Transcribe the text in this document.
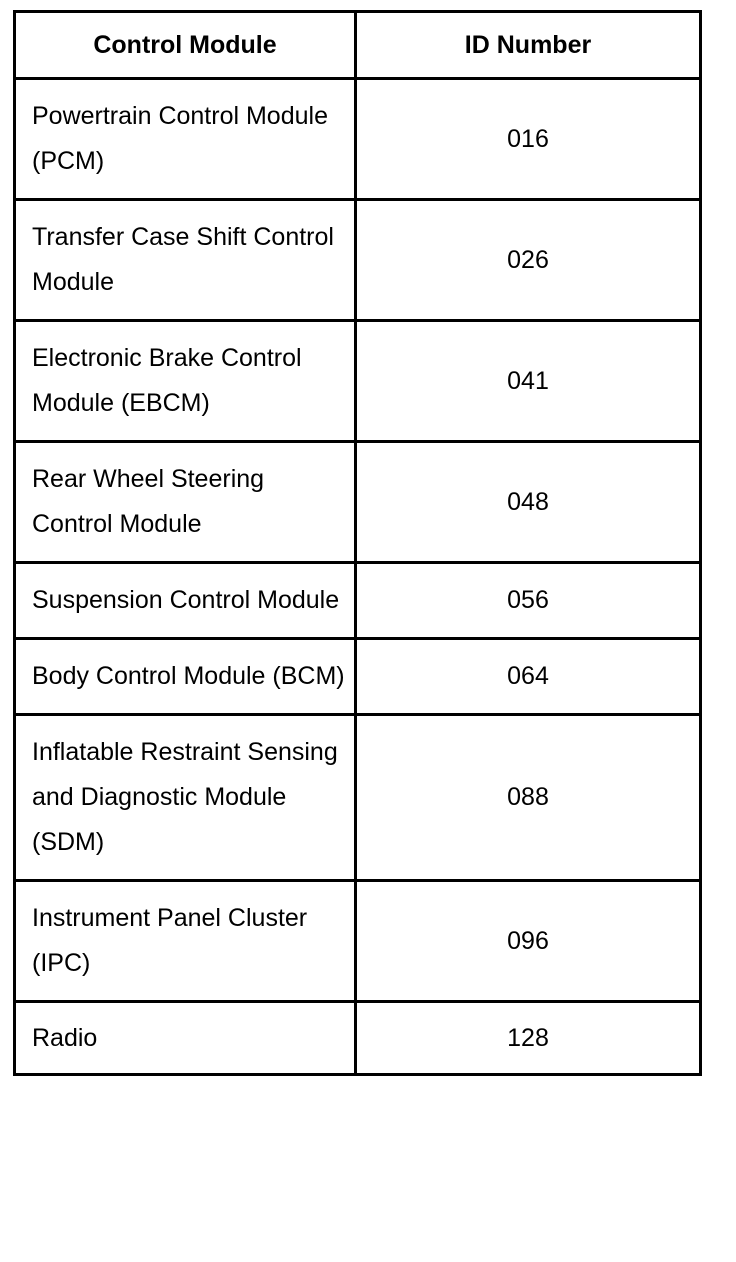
Control Module	ID Number
Powertrain Control Module (PCM)	016
Transfer Case Shift Control Module	026
Electronic Brake Control Module (EBCM)	041
Rear Wheel Steering Control Module	048
Suspension Control Module	056
Body Control Module (BCM)	064
Inflatable Restraint Sensing and Diagnostic Module (SDM)	088
Instrument Panel Cluster (IPC)	096
Radio	128
